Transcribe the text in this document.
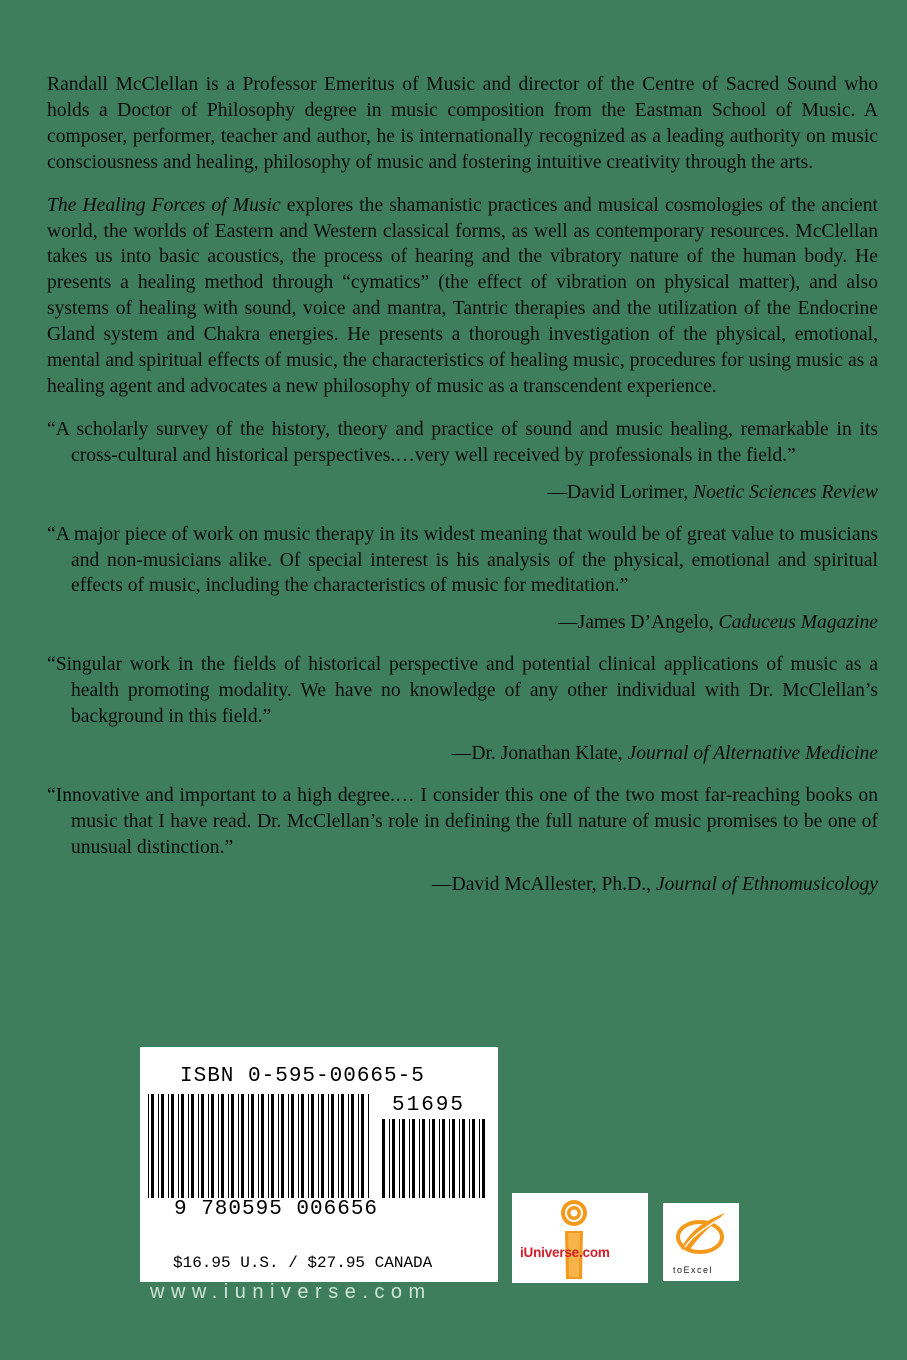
Randall McClellan is a Professor Emeritus of Music and director of the Centre of Sacred Sound who holds a Doctor of Philosophy degree in music composition from the Eastman School of Music. A composer, performer, teacher and author, he is internationally recognized as a leading authority on music consciousness and healing, philosophy of music and fostering intuitive creativity through the arts.

The Healing Forces of Music explores the shamanistic practices and musical cosmologies of the ancient world, the worlds of Eastern and Western classical forms, as well as contemporary resources. McClellan takes us into basic acoustics, the process of hearing and the vibratory nature of the human body. He presents a healing method through “cymatics” (the effect of vibration on physical matter), and also systems of healing with sound, voice and mantra, Tantric therapies and the utilization of the Endocrine Gland system and Chakra energies. He presents a thorough investigation of the physical, emotional, mental and spiritual effects of music, the characteristics of healing music, procedures for using music as a healing agent and advocates a new philosophy of music as a transcendent experience.

“A scholarly survey of the history, theory and practice of sound and music healing, remarkable in its cross-cultural and historical perspectives.…very well received by professionals in the field.”

—David Lorimer, Noetic Sciences Review

“A major piece of work on music therapy in its widest meaning that would be of great value to musicians and non-musicians alike. Of special interest is his analysis of the physical, emotional and spiritual effects of music, including the characteristics of music for meditation.”

—James D’Angelo, Caduceus Magazine

“Singular work in the fields of historical perspective and potential clinical applications of music as a health promoting modality. We have no knowledge of any other individual with Dr. McClellan’s background in this field.”

—Dr. Jonathan Klate, Journal of Alternative Medicine

“Innovative and important to a high degree.… I consider this one of the two most far-reaching books on music that I have read. Dr. McClellan’s role in defining the full nature of music promises to be one of unusual distinction.”

—David McAllester, Ph.D., Journal of Ethnomusicology

ISBN 0-595-00665-5
51695
9 780595 006656
$16.95 U.S. / $27.95 CANADA
www.iuniverse.com
iUniverse.com
toExcel
